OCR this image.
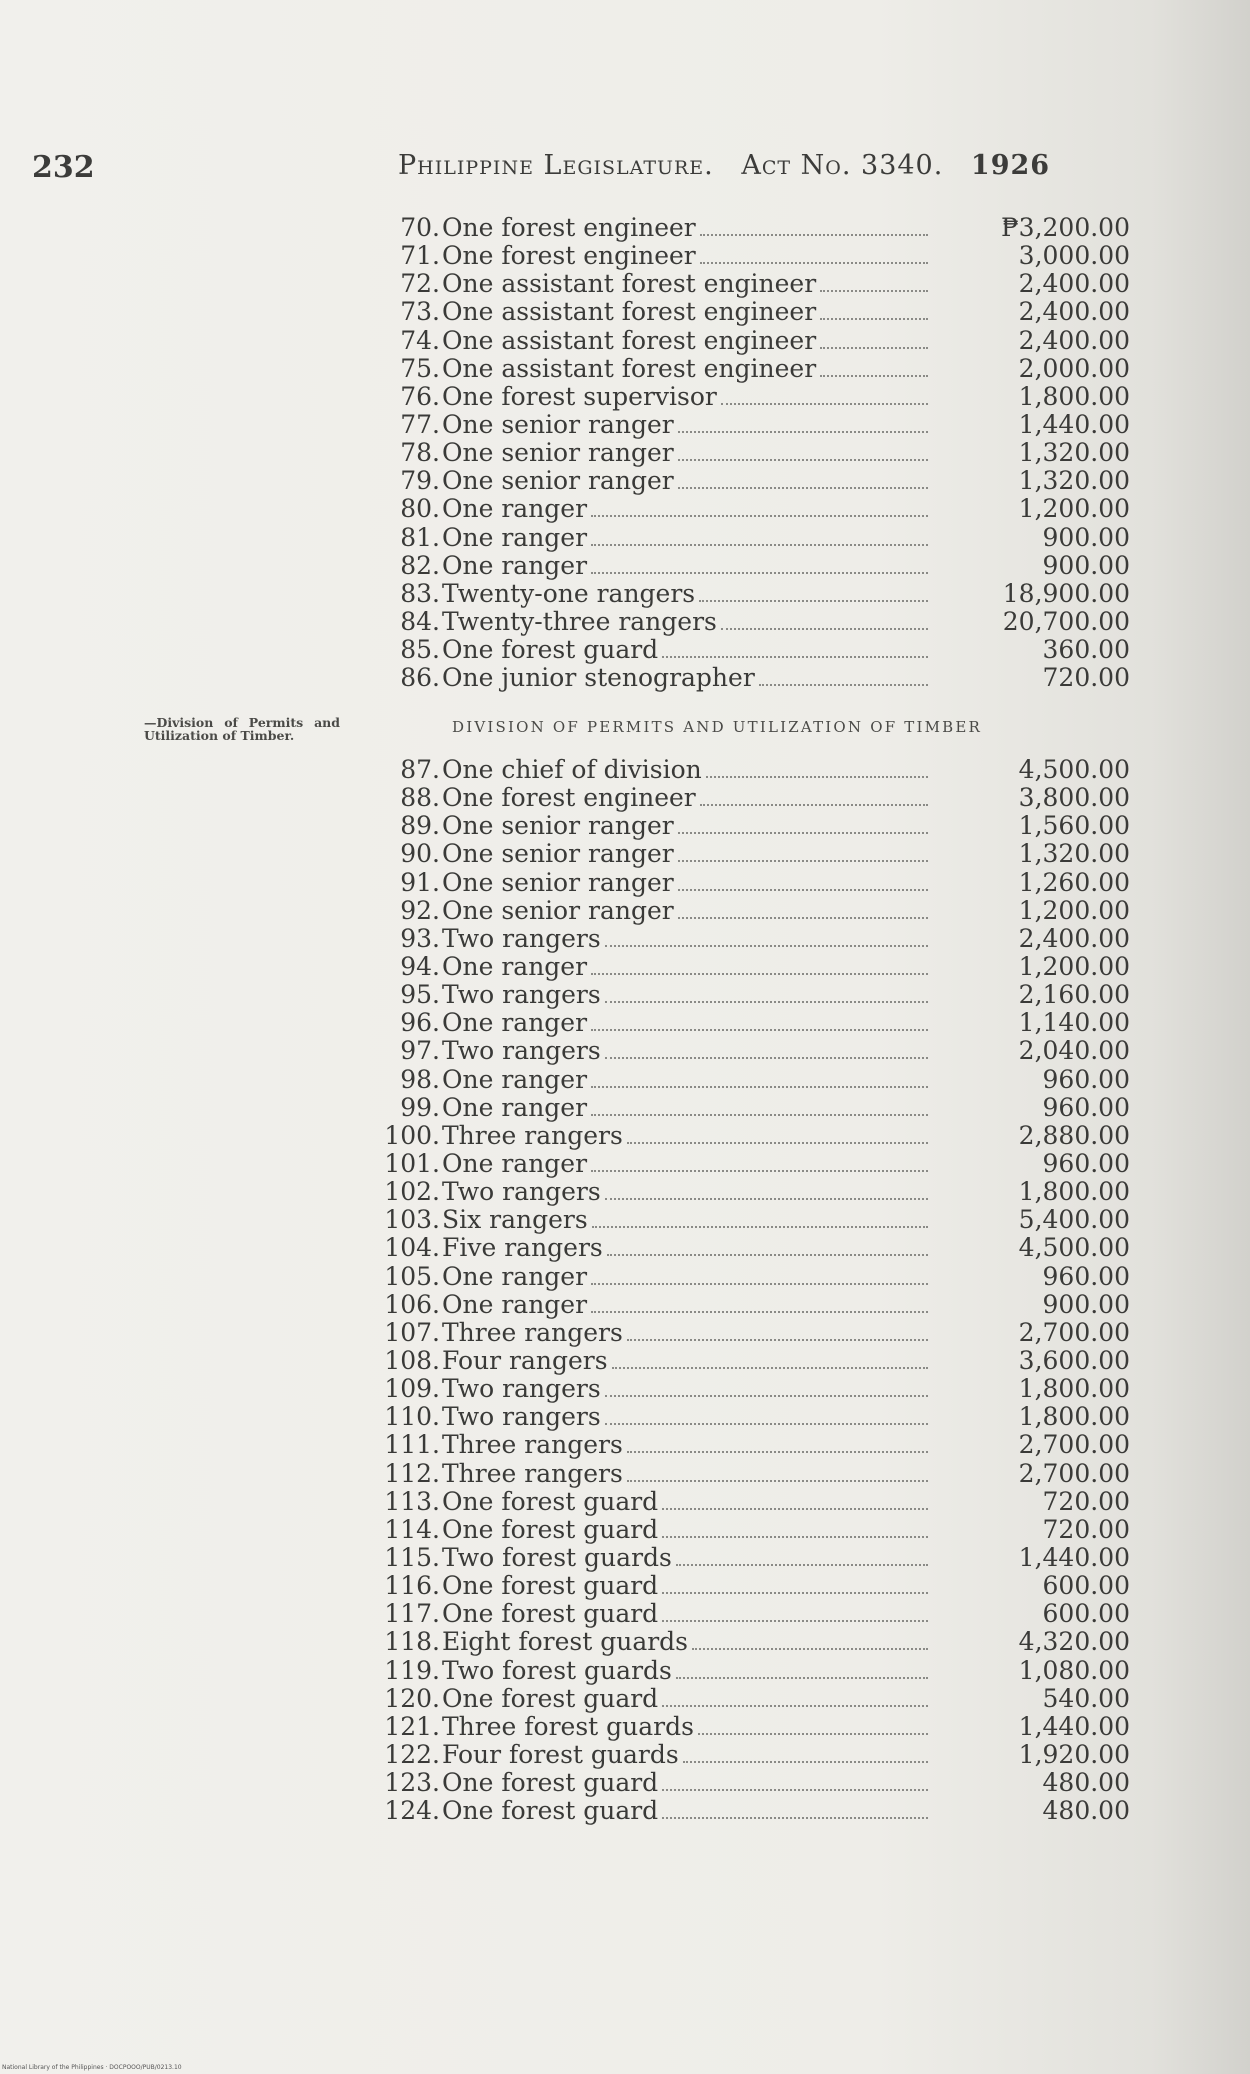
232	Philippine Legislature. Act No. 3340. 1926
70. One forest engineer	₱3,200.00
71. One forest engineer	3,000.00
72. One assistant forest engineer	2,400.00
73. One assistant forest engineer	2,400.00
74. One assistant forest engineer	2,400.00
75. One assistant forest engineer	2,000.00
76. One forest supervisor	1,800.00
77. One senior ranger	1,440.00
78. One senior ranger	1,320.00
79. One senior ranger	1,320.00
80. One ranger	1,200.00
81. One ranger	900.00
82. One ranger	900.00
83. Twenty-one rangers	18,900.00
84. Twenty-three rangers	20,700.00
85. One forest guard	360.00
86. One junior stenographer	720.00
—Division of Permits and Utilization of Timber.	DIVISION OF PERMITS AND UTILIZATION OF TIMBER
87. One chief of division	4,500.00
88. One forest engineer	3,800.00
89. One senior ranger	1,560.00
90. One senior ranger	1,320.00
91. One senior ranger	1,260.00
92. One senior ranger	1,200.00
93. Two rangers	2,400.00
94. One ranger	1,200.00
95. Two rangers	2,160.00
96. One ranger	1,140.00
97. Two rangers	2,040.00
98. One ranger	960.00
99. One ranger	960.00
100. Three rangers	2,880.00
101. One ranger	960.00
102. Two rangers	1,800.00
103. Six rangers	5,400.00
104. Five rangers	4,500.00
105. One ranger	960.00
106. One ranger	900.00
107. Three rangers	2,700.00
108. Four rangers	3,600.00
109. Two rangers	1,800.00
110. Two rangers	1,800.00
111. Three rangers	2,700.00
112. Three rangers	2,700.00
113. One forest guard	720.00
114. One forest guard	720.00
115. Two forest guards	1,440.00
116. One forest guard	600.00
117. One forest guard	600.00
118. Eight forest guards	4,320.00
119. Two forest guards	1,080.00
120. One forest guard	540.00
121. Three forest guards	1,440.00
122. Four forest guards	1,920.00
123. One forest guard	480.00
124. One forest guard	480.00
National Library of the Philippines · DOCPOOO/PUB/0213.10
